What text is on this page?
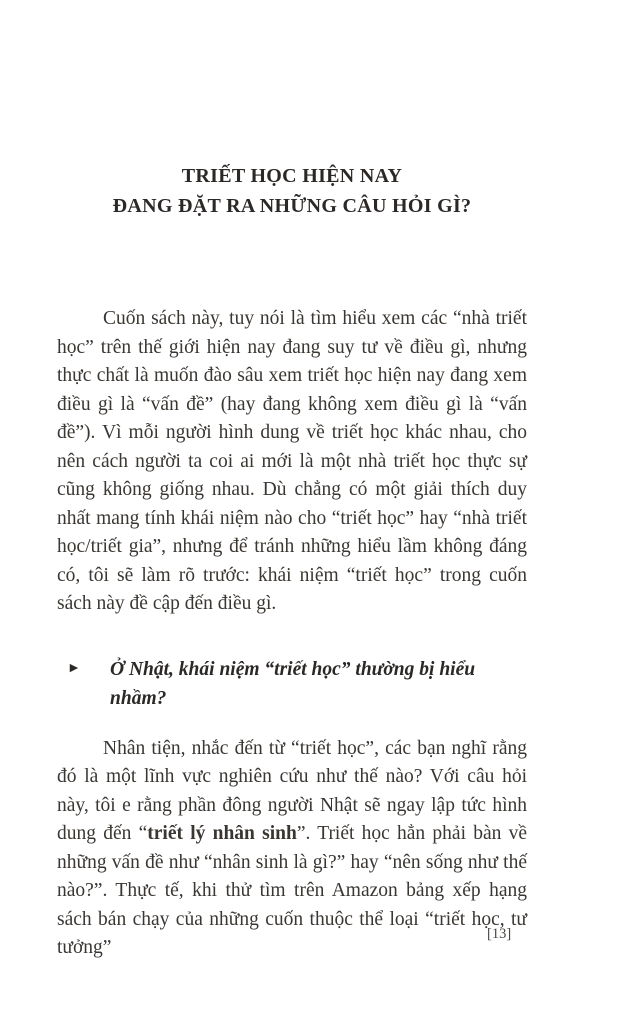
TRIẾT HỌC HIỆN NAY
ĐANG ĐẶT RA NHỮNG CÂU HỎI GÌ?

Cuốn sách này, tuy nói là tìm hiểu xem các “nhà triết học” trên thế giới hiện nay đang suy tư về điều gì, nhưng thực chất là muốn đào sâu xem triết học hiện nay đang xem điều gì là “vấn đề” (hay đang không xem điều gì là “vấn đề”). Vì mỗi người hình dung về triết học khác nhau, cho nên cách người ta coi ai mới là một nhà triết học thực sự cũng không giống nhau. Dù chẳng có một giải thích duy nhất mang tính khái niệm nào cho “triết học” hay “nhà triết học/triết gia”, nhưng để tránh những hiểu lầm không đáng có, tôi sẽ làm rõ trước: khái niệm “triết học” trong cuốn sách này đề cập đến điều gì.

►	Ở Nhật, khái niệm “triết học” thường bị hiểu nhầm?

Nhân tiện, nhắc đến từ “triết học”, các bạn nghĩ rằng đó là một lĩnh vực nghiên cứu như thế nào? Với câu hỏi này, tôi e rằng phần đông người Nhật sẽ ngay lập tức hình dung đến “triết lý nhân sinh”. Triết học hẳn phải bàn về những vấn đề như “nhân sinh là gì?” hay “nên sống như thế nào?”. Thực tế, khi thử tìm trên Amazon bảng xếp hạng sách bán chạy của những cuốn thuộc thể loại “triết học, tư tưởng”

[13]
